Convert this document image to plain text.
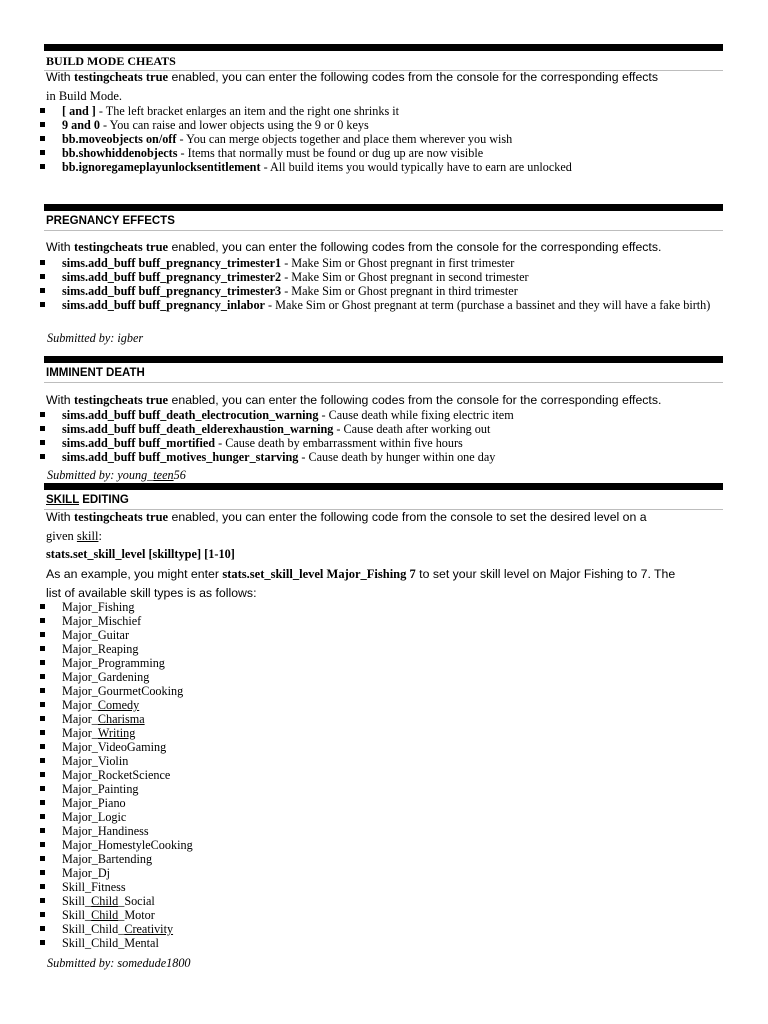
BUILD MODE CHEATS
With testingcheats true enabled, you can enter the following codes from the console for the corresponding effects
in Build Mode.
[ and ] - The left bracket enlarges an item and the right one shrinks it
9 and 0 - You can raise and lower objects using the 9 or 0 keys
bb.moveobjects on/off - You can merge objects together and place them wherever you wish
bb.showhiddenobjects - Items that normally must be found or dug up are now visible
bb.ignoregameplayunlocksentitlement - All build items you would typically have to earn are unlocked
PREGNANCY EFFECTS
With testingcheats true enabled, you can enter the following codes from the console for the corresponding effects.
sims.add_buff buff_pregnancy_trimester1 - Make Sim or Ghost pregnant in first trimester
sims.add_buff buff_pregnancy_trimester2 - Make Sim or Ghost pregnant in second trimester
sims.add_buff buff_pregnancy_trimester3 - Make Sim or Ghost pregnant in third trimester
sims.add_buff buff_pregnancy_inlabor - Make Sim or Ghost pregnant at term (purchase a bassinet and they will have a fake birth)
Submitted by: igber
IMMINENT DEATH
With testingcheats true enabled, you can enter the following codes from the console for the corresponding effects.
sims.add_buff buff_death_electrocution_warning - Cause death while fixing electric item
sims.add_buff buff_death_elderexhaustion_warning - Cause death after working out
sims.add_buff buff_mortified - Cause death by embarrassment within five hours
sims.add_buff buff_motives_hunger_starving - Cause death by hunger within one day
Submitted by: young_teen56
SKILL EDITING
With testingcheats true enabled, you can enter the following code from the console to set the desired level on a
given skill:
stats.set_skill_level [skilltype] [1-10]
As an example, you might enter stats.set_skill_level Major_Fishing 7 to set your skill level on Major Fishing to 7. The
list of available skill types is as follows:
Major_Fishing
Major_Mischief
Major_Guitar
Major_Reaping
Major_Programming
Major_Gardening
Major_GourmetCooking
Major_Comedy
Major_Charisma
Major_Writing
Major_VideoGaming
Major_Violin
Major_RocketScience
Major_Painting
Major_Piano
Major_Logic
Major_Handiness
Major_HomestyleCooking
Major_Bartending
Major_Dj
Skill_Fitness
Skill_Child_Social
Skill_Child_Motor
Skill_Child_Creativity
Skill_Child_Mental
Submitted by: somedude1800
